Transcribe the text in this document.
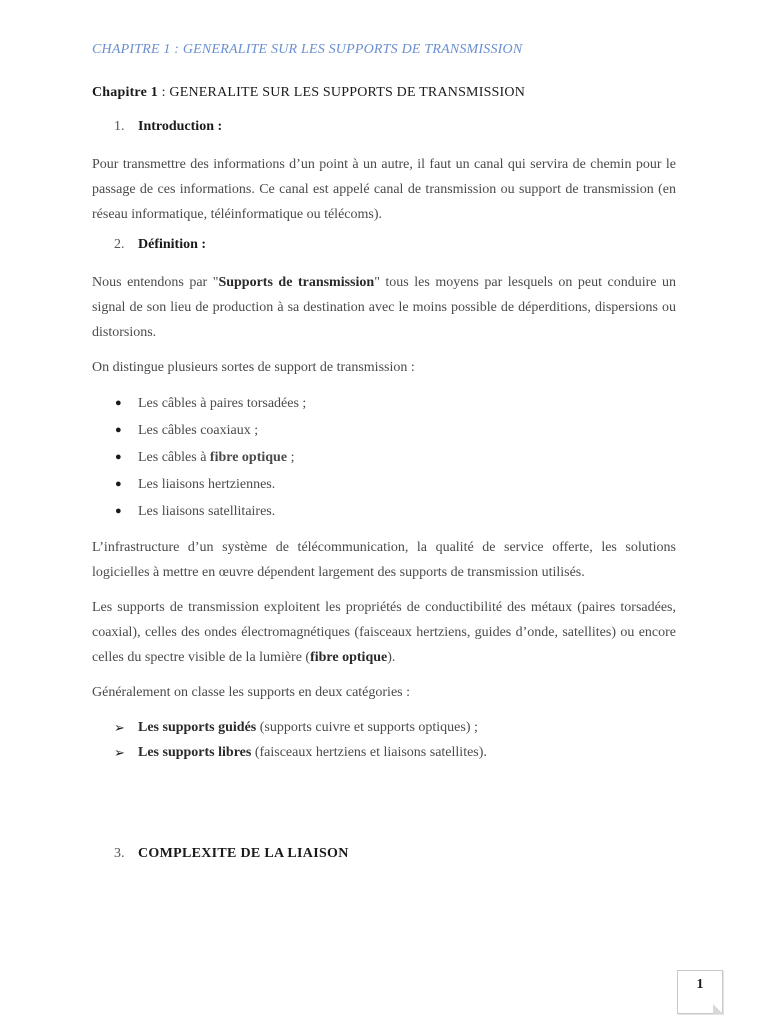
CHAPITRE 1 : GENERALITE SUR LES SUPPORTS DE TRANSMISSION
Chapitre 1 : GENERALITE SUR LES SUPPORTS DE TRANSMISSION
1. Introduction :

Pour transmettre des informations d’un point à un autre, il faut un canal qui servira de chemin pour le passage de ces informations. Ce canal est appelé canal de transmission ou support de transmission (en réseau informatique, téléinformatique ou télécoms).

2. Définition :

Nous entendons par "Supports de transmission" tous les moyens par lesquels on peut conduire un signal de son lieu de production à sa destination avec le moins possible de déperditions, dispersions ou distorsions.

On distingue plusieurs sortes de support de transmission :

●	Les câbles à paires torsadées ;
●	Les câbles coaxiaux ;
●	Les câbles à fibre optique ;
●	Les liaisons hertziennes.
●	Les liaisons satellitaires.

L’infrastructure d’un système de télécommunication, la qualité de service offerte, les solutions logicielles à mettre en œuvre dépendent largement des supports de transmission utilisés.

Les supports de transmission exploitent les propriétés de conductibilité des métaux (paires torsadées, coaxial), celles des ondes électromagnétiques (faisceaux hertziens, guides d’onde, satellites) ou encore celles du spectre visible de la lumière (fibre optique).

Généralement on classe les supports en deux catégories :

➢ Les supports guidés (supports cuivre et supports optiques) ;
➢ Les supports libres (faisceaux hertziens et liaisons satellites).
3. COMPLEXITE DE LA LIAISON
1
